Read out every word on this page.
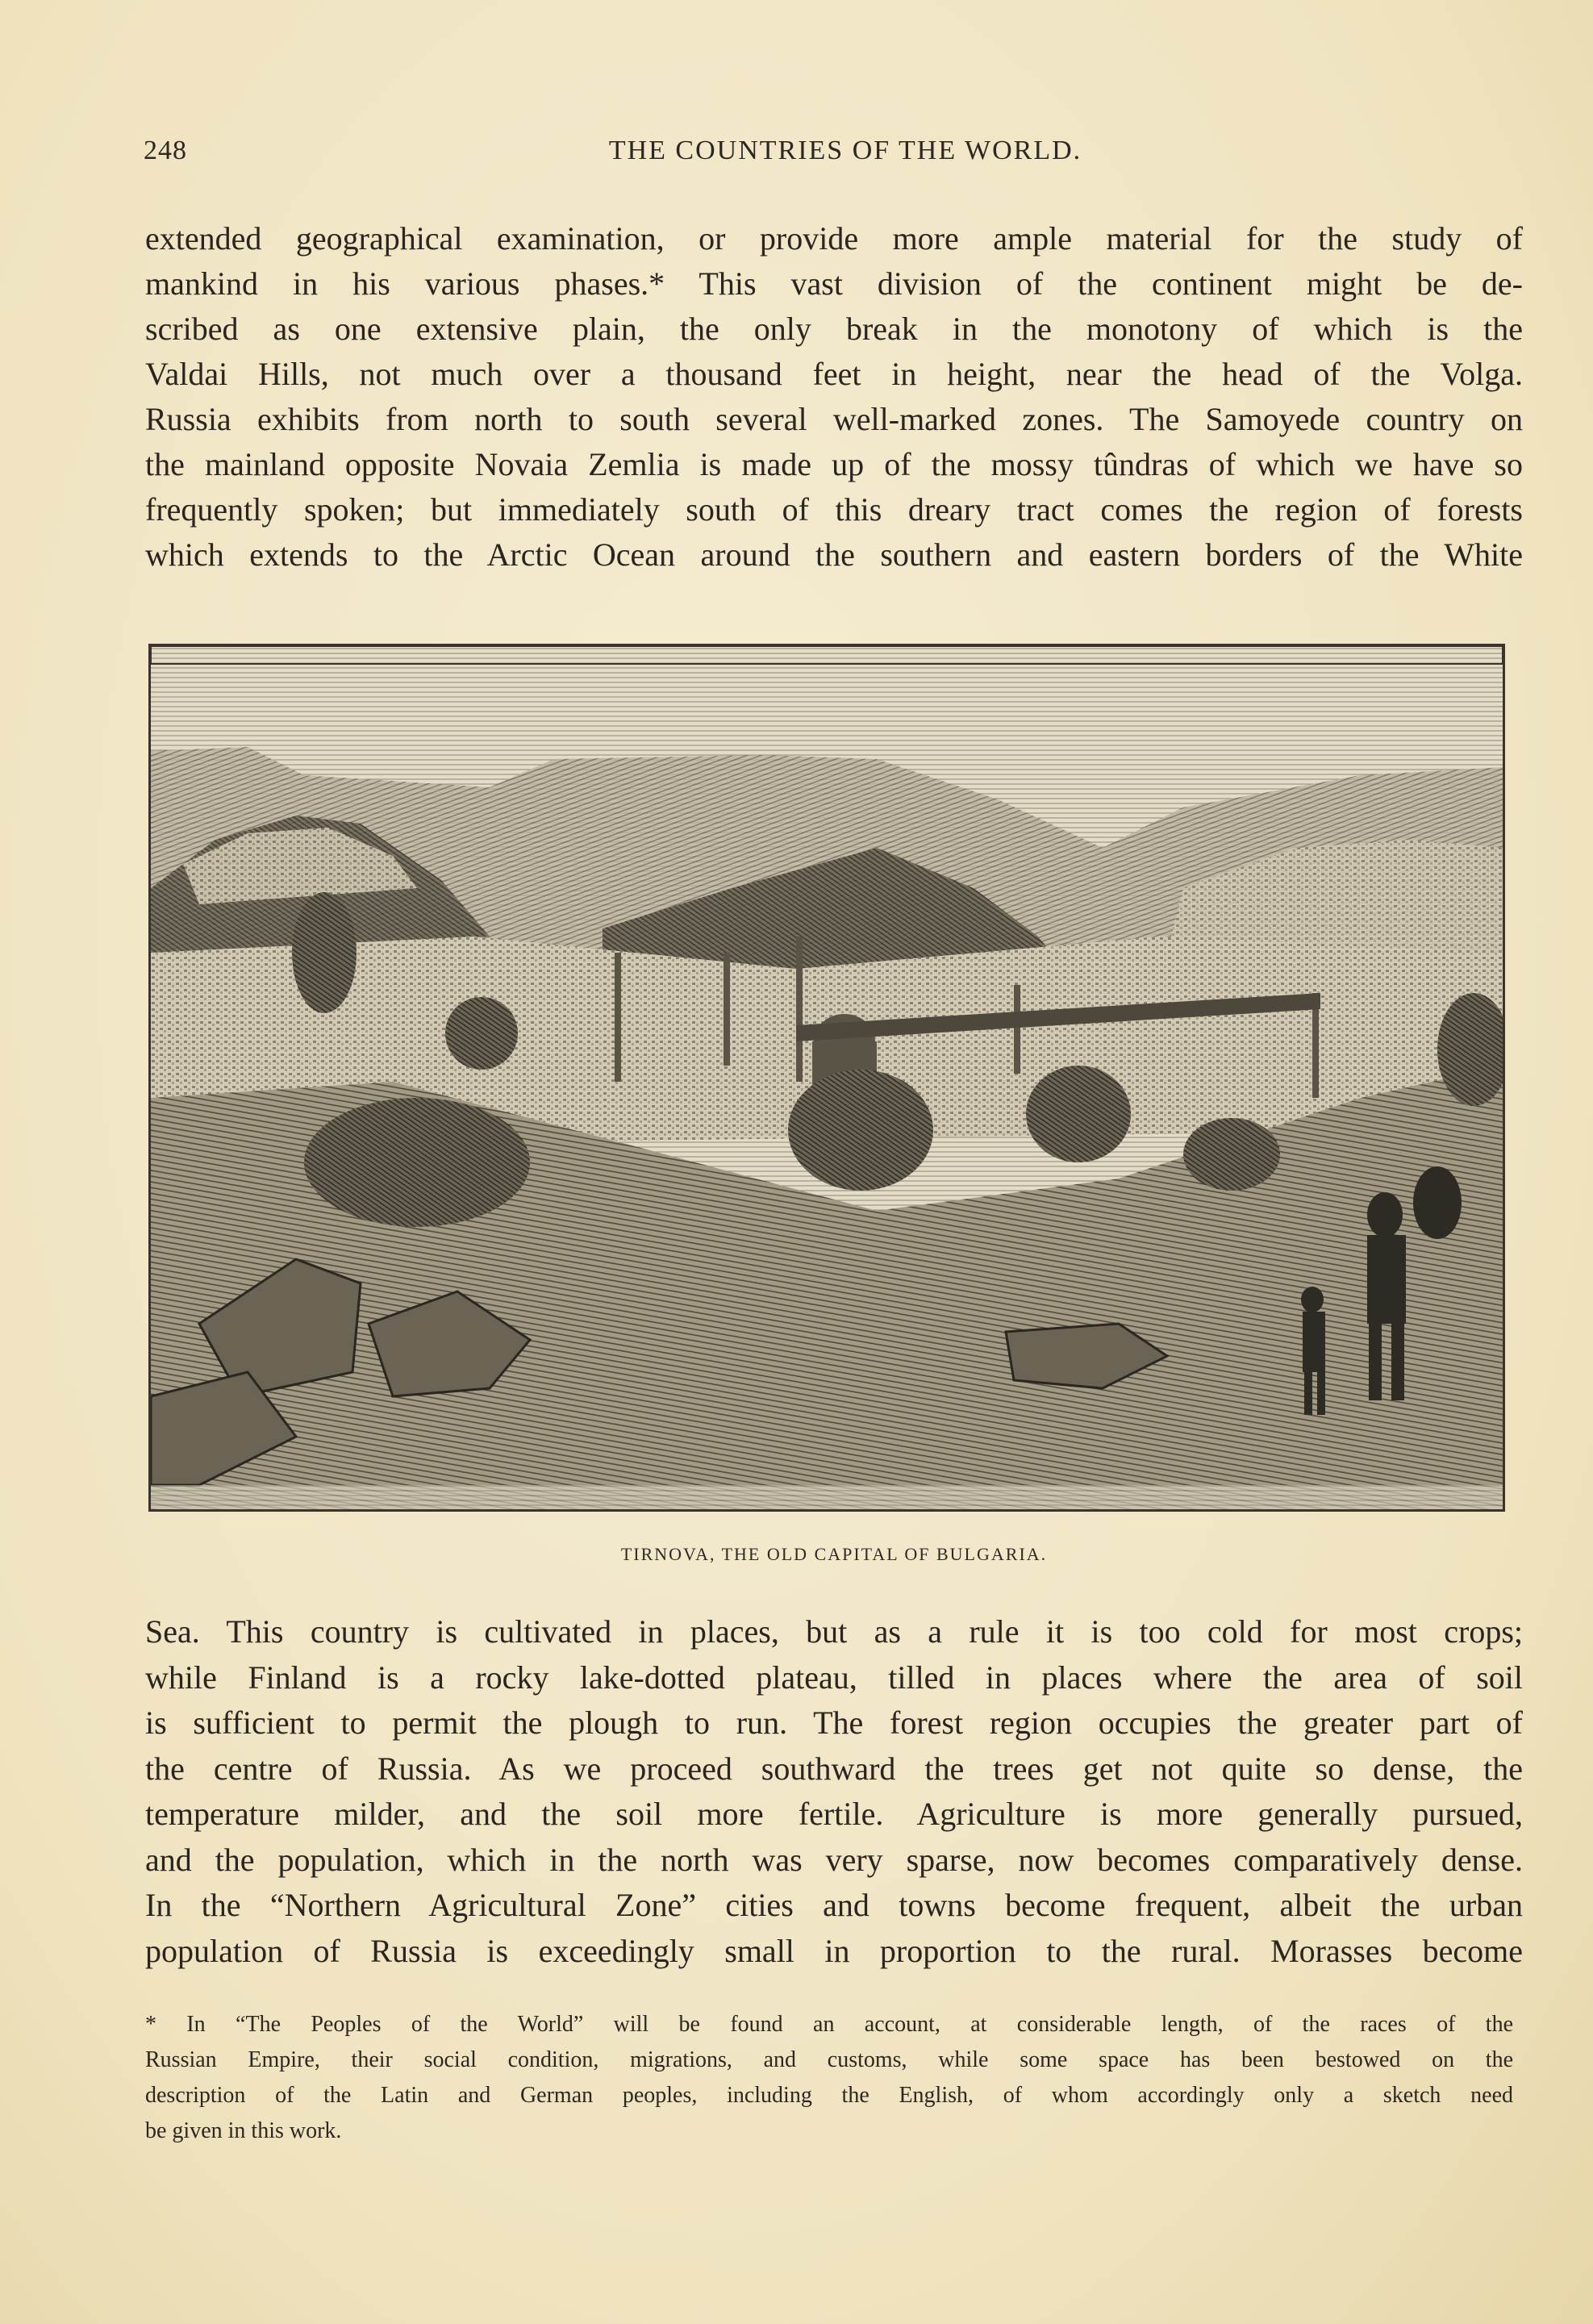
248	THE COUNTRIES OF THE WORLD.

extended geographical examination, or provide more ample material for the study of
mankind in his various phases.* This vast division of the continent might be de-
scribed as one extensive plain, the only break in the monotony of which is the
Valdai Hills, not much over a thousand feet in height, near the head of the Volga.
Russia exhibits from north to south several well-marked zones. The Samoyede country on
the mainland opposite Novaia Zemlia is made up of the mossy tûndras of which we have so
frequently spoken; but immediately south of this dreary tract comes the region of forests
which extends to the Arctic Ocean around the southern and eastern borders of the White

TIRNOVA, THE OLD CAPITAL OF BULGARIA.

Sea. This country is cultivated in places, but as a rule it is too cold for most crops;
while Finland is a rocky lake-dotted plateau, tilled in places where the area of soil
is sufficient to permit the plough to run. The forest region occupies the greater part of
the centre of Russia. As we proceed southward the trees get not quite so dense, the
temperature milder, and the soil more fertile. Agriculture is more generally pursued,
and the population, which in the north was very sparse, now becomes comparatively dense.
In the “Northern Agricultural Zone” cities and towns become frequent, albeit the urban
population of Russia is exceedingly small in proportion to the rural. Morasses become

* In “The Peoples of the World” will be found an account, at considerable length, of the races of the
Russian Empire, their social condition, migrations, and customs, while some space has been bestowed on the
description of the Latin and German peoples, including the English, of whom accordingly only a sketch need
be given in this work.
